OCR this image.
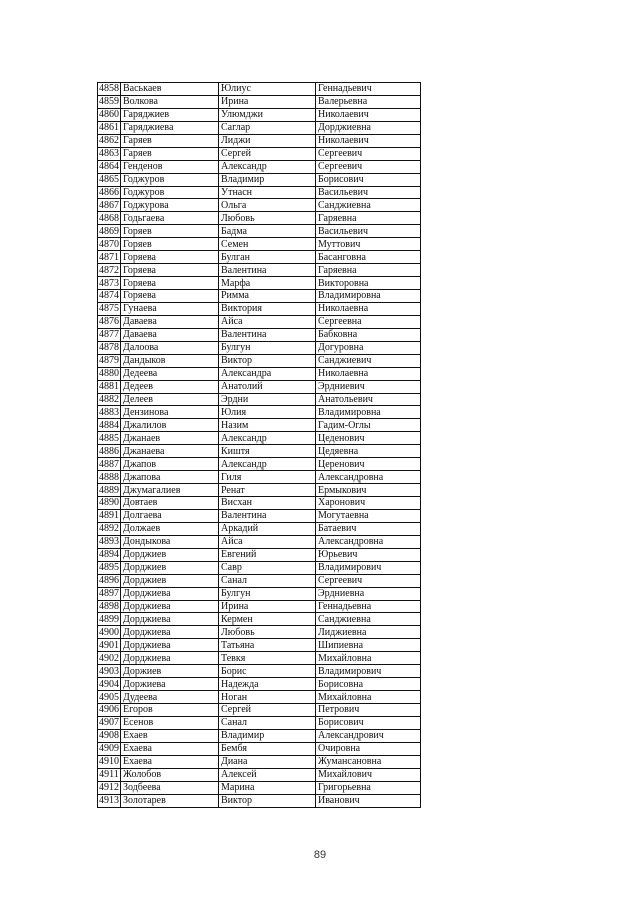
4858	Васькаев	Юлиус	Геннадьевич
4859	Волкова	Ирина	Валерьевна
4860	Гаряджиев	Улюмджи	Николаевич
4861	Гаряджиева	Саглар	Дорджиевна
4862	Гаряев	Лиджи	Николаевич
4863	Гаряев	Сергей	Сергеевич
4864	Генденов	Александр	Сергеевич
4865	Годжуров	Владимир	Борисович
4866	Годжуров	Утнасн	Васильевич
4867	Годжурова	Ольга	Санджиевна
4868	Годьгаева	Любовь	Гаряевна
4869	Горяев	Бадма	Васильевич
4870	Горяев	Семен	Муттович
4871	Горяева	Булган	Басанговна
4872	Горяева	Валентина	Гаряевна
4873	Горяева	Марфа	Викторовна
4874	Горяева	Римма	Владимировна
4875	Гунаева	Виктория	Николаевна
4876	Даваева	Айса	Сергеевна
4877	Даваева	Валентина	Бабковна
4878	Далоова	Булгун	Догуровна
4879	Дандыков	Виктор	Санджиевич
4880	Дедеева	Александра	Николаевна
4881	Дедеев	Анатолий	Эрдниевич
4882	Делеев	Эрдни	Анатольевич
4883	Дензинова	Юлия	Владимировна
4884	Джалилов	Назим	Гадим-Оглы
4885	Джанаев	Александр	Цеденович
4886	Джанаева	Киштя	Цедяевна
4887	Джапов	Александр	Церенович
4888	Джапова	Гиля	Александровна
4889	Джумагалиев	Ренат	Ермыкович
4890	Довтаев	Висхан	Харонович
4891	Долгаева	Валентина	Могутаевна
4892	Должаев	Аркадий	Батаевич
4893	Дондыкова	Айса	Александровна
4894	Дорджиев	Евгений	Юрьевич
4895	Дорджиев	Савр	Владимирович
4896	Дорджиев	Санал	Сергеевич
4897	Дорджиева	Булгун	Эрдниевна
4898	Дорджиева	Ирина	Геннадьевна
4899	Дорджиева	Кермен	Санджиевна
4900	Дорджиева	Любовь	Лиджиевна
4901	Дорджиева	Татьяна	Шипиевна
4902	Дорджиева	Тевкя	Михайловна
4903	Доржиев	Борис	Владимирович
4904	Доржиева	Надежда	Борисовна
4905	Дудеева	Ноган	Михайловна
4906	Егоров	Сергей	Петрович
4907	Есенов	Санал	Борисович
4908	Ехаев	Владимир	Александрович
4909	Ехаева	Бембя	Очировна
4910	Ехаева	Диана	Жумансановна
4911	Жолобов	Алексей	Михайлович
4912	Зодбеева	Марина	Григорьевна
4913	Золотарев	Виктор	Иванович
89
